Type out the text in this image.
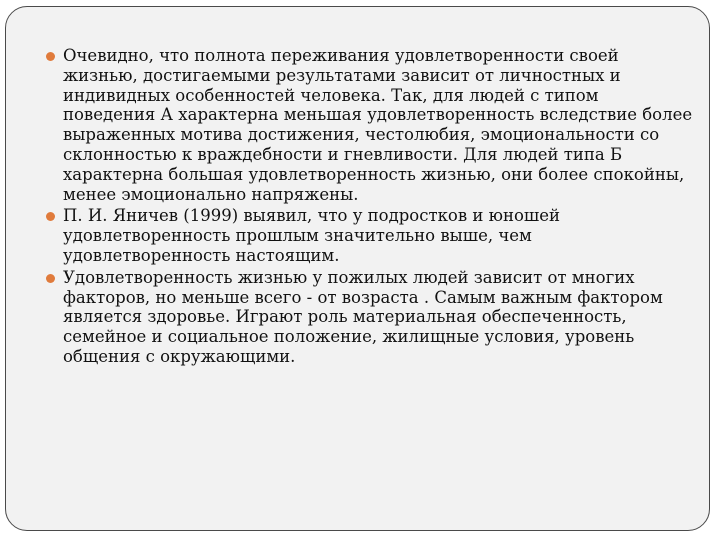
Очевидно, что полнота переживания удовлетворенности своей жизнью, достигаемыми результатами зависит от личностных и индивидных особенностей человека. Так, для людей с типом поведения А характерна меньшая удовлетворенность вследствие более выраженных мотива достижения, честолюбия, эмоциональности со склонностью к враждебности и гневливости. Для людей типа Б характерна большая удовлетворенность жизнью, они более спокойны, менее эмоционально напряжены.
П. И. Яничев (1999) выявил, что у подростков и юношей удовлетворенность прошлым значительно выше, чем удовлетворенность настоящим.
Удовлетворенность жизнью у пожилых людей зависит от многих факторов, но меньше всего - от возраста . Самым важным фактором является здоровье. Играют роль материальная обеспеченность, семейное и социальное положение, жилищные условия, уровень общения с окружающими.
